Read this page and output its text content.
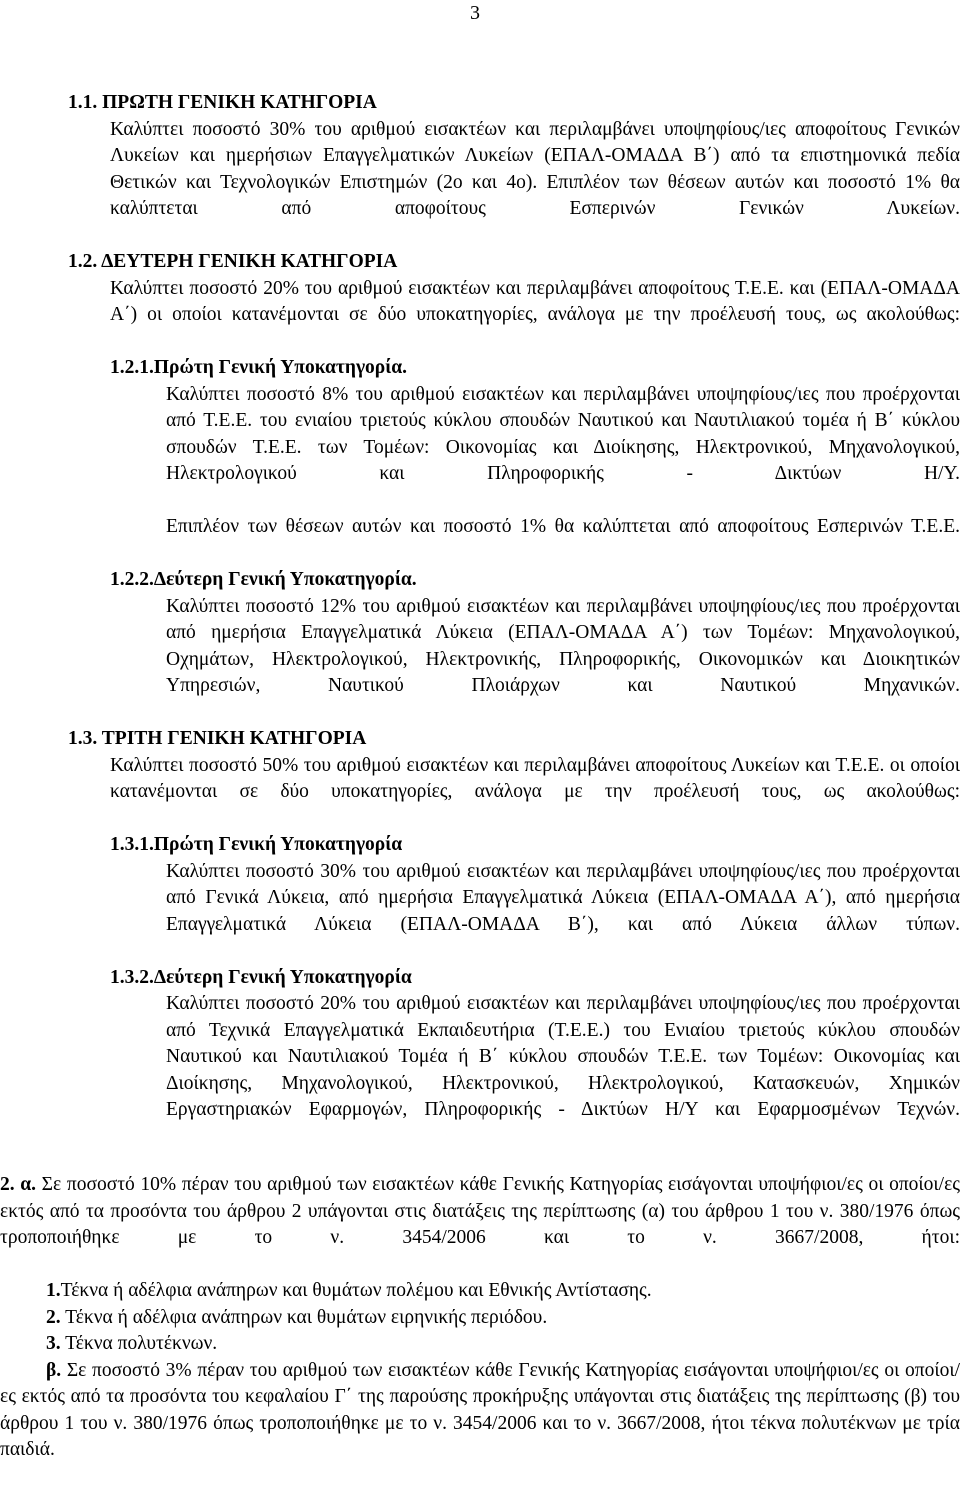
3
1.1. ΠΡΩΤΗ ΓΕΝΙΚΗ ΚΑΤΗΓΟΡΙΑ
Καλύπτει ποσοστό 30% του αριθμού εισακτέων και περιλαμβάνει υποψηφίους/ιες αποφοίτους Γενικών Λυκείων και ημερήσιων Επαγγελματικών Λυκείων (ΕΠΑΛ-ΟΜΑΔΑ Β΄) από τα επιστημονικά πεδία Θετικών και Τεχνολογικών Επιστημών (2ο και 4ο). Επιπλέον των θέσεων αυτών και ποσοστό 1% θα καλύπτεται από αποφοίτους Εσπερινών Γενικών Λυκείων.
1.2. ΔΕΥΤΕΡΗ ΓΕΝΙΚΗ ΚΑΤΗΓΟΡΙΑ
Καλύπτει ποσοστό 20% του αριθμού εισακτέων και περιλαμβάνει αποφοίτους Τ.Ε.Ε. και (ΕΠΑΛ-ΟΜΑΔΑ Α΄) οι οποίοι κατανέμονται σε δύο υποκατηγορίες, ανάλογα με την προέλευσή τους, ως ακολούθως:
1.2.1.Πρώτη Γενική Υποκατηγορία.
Καλύπτει ποσοστό 8% του αριθμού εισακτέων και περιλαμβάνει υποψηφίους/ιες που προέρχονται από Τ.Ε.Ε. του ενιαίου τριετούς κύκλου σπουδών Ναυτικού και Ναυτιλιακού τομέα ή Β΄ κύκλου σπουδών Τ.Ε.Ε. των Τομέων: Οικονομίας και Διοίκησης, Ηλεκτρονικού, Μηχανολογικού, Ηλεκτρολογικού και Πληροφορικής - Δικτύων Η/Υ.
Επιπλέον των θέσεων αυτών και ποσοστό 1% θα καλύπτεται από αποφοίτους Εσπερινών Τ.Ε.Ε.
1.2.2.Δεύτερη Γενική Υποκατηγορία.
Καλύπτει ποσοστό 12% του αριθμού εισακτέων και περιλαμβάνει υποψηφίους/ιες που προέρχονται από ημερήσια Επαγγελματικά Λύκεια (ΕΠΑΛ-ΟΜΑΔΑ Α΄) των Τομέων: Μηχανολογικού, Οχημάτων, Ηλεκτρολογικού, Ηλεκτρονικής, Πληροφορικής, Οικονομικών και Διοικητικών Υπηρεσιών, Ναυτικού Πλοιάρχων και Ναυτικού Μηχανικών.
1.3. ΤΡΙΤΗ ΓΕΝΙΚΗ ΚΑΤΗΓΟΡΙΑ
Καλύπτει ποσοστό 50% του αριθμού εισακτέων και περιλαμβάνει αποφοίτους Λυκείων και Τ.Ε.Ε. οι οποίοι κατανέμονται σε δύο υποκατηγορίες, ανάλογα με την προέλευσή τους, ως ακολούθως:
1.3.1.Πρώτη Γενική Υποκατηγορία
Καλύπτει ποσοστό 30% του αριθμού εισακτέων και περιλαμβάνει υποψηφίους/ιες που προέρχονται από Γενικά Λύκεια, από ημερήσια Επαγγελματικά Λύκεια (ΕΠΑΛ-ΟΜΑΔΑ Α΄), από ημερήσια Επαγγελματικά Λύκεια (ΕΠΑΛ-ΟΜΑΔΑ Β΄), και από Λύκεια άλλων τύπων.
1.3.2.Δεύτερη Γενική Υποκατηγορία
Καλύπτει ποσοστό 20% του αριθμού εισακτέων και περιλαμβάνει υποψηφίους/ιες που προέρχονται από Τεχνικά Επαγγελματικά Εκπαιδευτήρια (Τ.Ε.Ε.) του Ενιαίου τριετούς κύκλου σπουδών Ναυτικού και Ναυτιλιακού Τομέα ή Β΄ κύκλου σπουδών Τ.Ε.Ε. των Τομέων: Οικονομίας και Διοίκησης, Μηχανολογικού, Ηλεκτρονικού, Ηλεκτρολογικού, Κατασκευών, Χημικών Εργαστηριακών Εφαρμογών, Πληροφορικής - Δικτύων Η/Υ και Εφαρμοσμένων Τεχνών.
2. α. Σε ποσοστό 10% πέραν του αριθμού των εισακτέων κάθε Γενικής Κατηγορίας εισάγονται υποψήφιοι/ες οι οποίοι/ες εκτός από τα προσόντα του άρθρου 2 υπάγονται στις διατάξεις της περίπτωσης (α) του άρθρου 1 του ν. 380/1976 όπως τροποποιήθηκε με το ν. 3454/2006 και το ν. 3667/2008, ήτοι:
1.Τέκνα ή αδέλφια ανάπηρων και θυμάτων πολέμου και Εθνικής Αντίστασης.
2. Τέκνα ή αδέλφια ανάπηρων και θυμάτων ειρηνικής περιόδου.
3. Τέκνα πολυτέκνων.
β. Σε ποσοστό 3% πέραν του αριθμού των εισακτέων κάθε Γενικής Κατηγορίας εισάγονται υποψήφιοι/ες οι οποίοι/ες εκτός από τα προσόντα του κεφαλαίου Γ΄ της παρούσης προκήρυξης υπάγονται στις διατάξεις της περίπτωσης (β) του άρθρου 1 του ν. 380/1976 όπως τροποποιήθηκε με το ν. 3454/2006 και το ν. 3667/2008, ήτοι τέκνα πολυτέκνων με τρία παιδιά.
